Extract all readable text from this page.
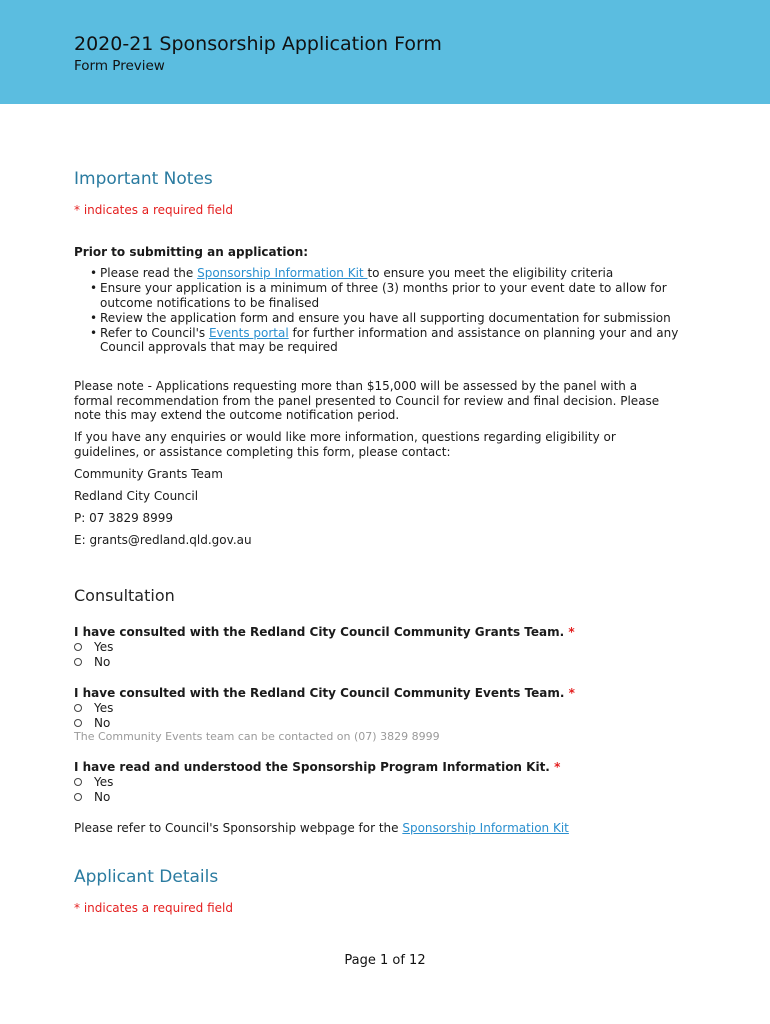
2020-21 Sponsorship Application Form
Form Preview
Important Notes
* indicates a required field
Prior to submitting an application:
• Please read the Sponsorship Information Kit to ensure you meet the eligibility criteria
• Ensure your application is a minimum of three (3) months prior to your event date to allow for outcome notifications to be finalised
• Review the application form and ensure you have all supporting documentation for submission
• Refer to Council's Events portal for further information and assistance on planning your and any Council approvals that may be required
Please note - Applications requesting more than $15,000 will be assessed by the panel with a formal recommendation from the panel presented to Council for review and final decision. Please note this may extend the outcome notification period.
If you have any enquiries or would like more information, questions regarding eligibility or guidelines, or assistance completing this form, please contact:
Community Grants Team
Redland City Council
P: 07 3829 8999
E: grants@redland.qld.gov.au
Consultation
I have consulted with the Redland City Council Community Grants Team. *
Yes
No
I have consulted with the Redland City Council Community Events Team. *
Yes
No
The Community Events team can be contacted on (07) 3829 8999
I have read and understood the Sponsorship Program Information Kit. *
Yes
No
Please refer to Council's Sponsorship webpage for the Sponsorship Information Kit
Applicant Details
* indicates a required field
Page 1 of 12
